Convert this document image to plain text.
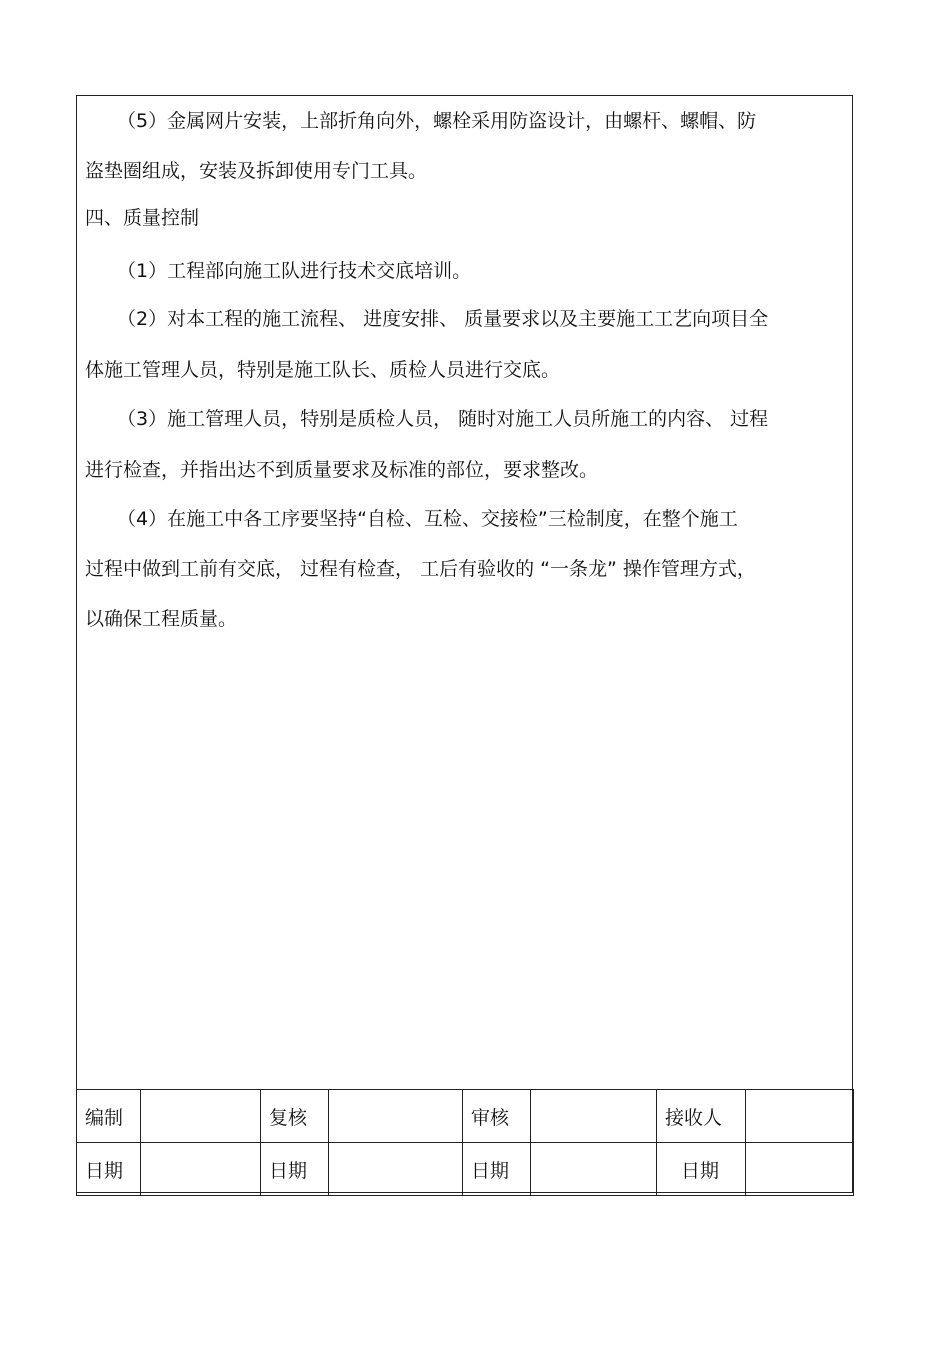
（5）金属网片安装，上部折角向外，螺栓采用防盗设计，由螺杆、螺帽、防
盗垫圈组成，安装及拆卸使用专门工具。
四、质量控制
（1）工程部向施工队进行技术交底培训。
（2）对本工程的施工流程、 进度安排、 质量要求以及主要施工工艺向项目全
体施工管理人员，特别是施工队长、质检人员进行交底。
（3）施工管理人员，特别是质检人员， 随时对施工人员所施工的内容、 过程
进行检查，并指出达不到质量要求及标准的部位，要求整改。
（4）在施工中各工序要坚持“自检、互检、交接检”三检制度，在整个施工
过程中做到工前有交底， 过程有检查， 工后有验收的 “一条龙” 操作管理方式，
以确保工程质量。
编制		复核		审核		接收人	
日期		日期		日期		日期	
